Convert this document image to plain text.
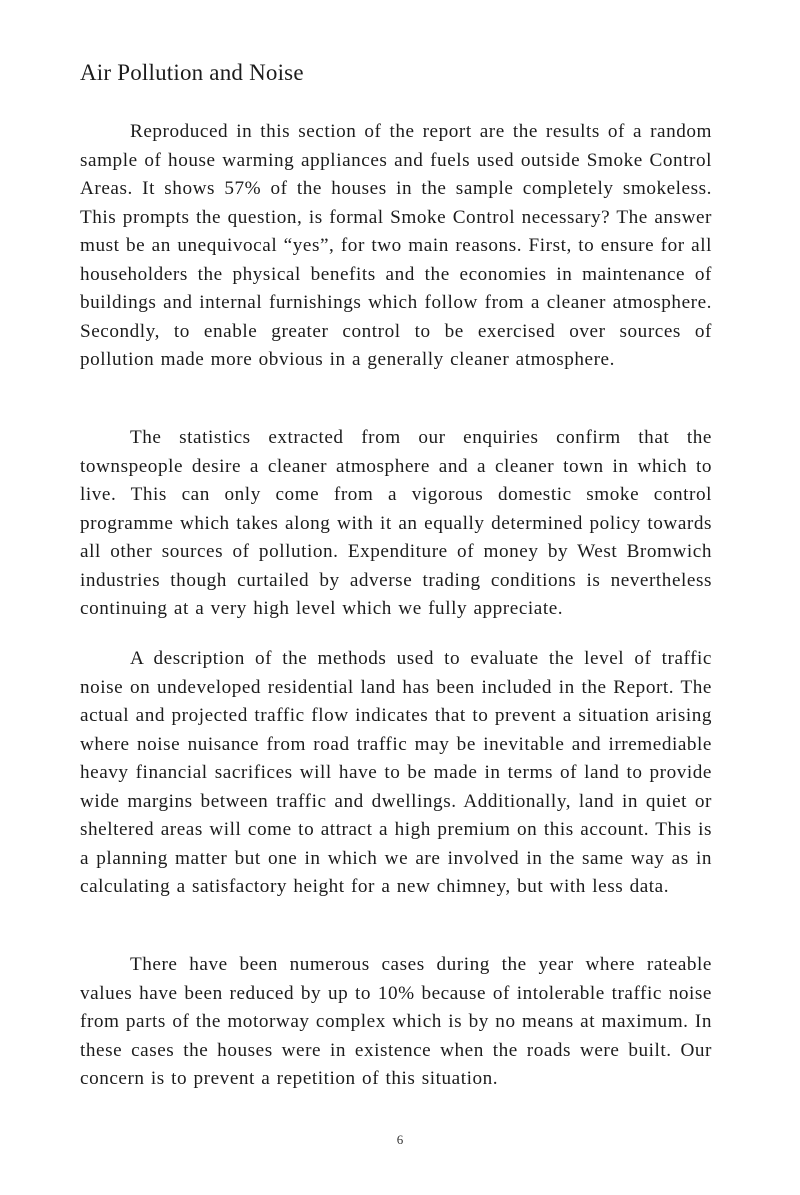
Air Pollution and Noise

Reproduced in this section of the report are the results of a random sample of house warming appliances and fuels used outside Smoke Control Areas. It shows 57% of the houses in the sample completely smokeless. This prompts the question, is formal Smoke Control necessary? The answer must be an unequivocal “yes”, for two main reasons. First, to ensure for all householders the physical benefits and the economies in maintenance of buildings and internal furnishings which follow from a cleaner atmosphere. Secondly, to enable greater control to be exercised over sources of pollution made more obvious in a generally cleaner atmosphere.

The statistics extracted from our enquiries confirm that the townspeople desire a cleaner atmosphere and a cleaner town in which to live. This can only come from a vigorous domestic smoke control programme which takes along with it an equally determined policy towards all other sources of pollution. Expenditure of money by West Bromwich industries though curtailed by adverse trading conditions is nevertheless continuing at a very high level which we fully appreciate.

A description of the methods used to evaluate the level of traffic noise on undeveloped residential land has been included in the Report. The actual and projected traffic flow indicates that to prevent a situation arising where noise nuisance from road traffic may be inevitable and irremediable heavy financial sacrifices will have to be made in terms of land to provide wide margins between traffic and dwellings. Additionally, land in quiet or sheltered areas will come to attract a high premium on this account. This is a planning matter but one in which we are involved in the same way as in calculating a satisfactory height for a new chimney, but with less data.

There have been numerous cases during the year where rateable values have been reduced by up to 10% because of intolerable traffic noise from parts of the motorway complex which is by no means at maximum. In these cases the houses were in existence when the roads were built. Our concern is to prevent a repetition of this situation.

6
